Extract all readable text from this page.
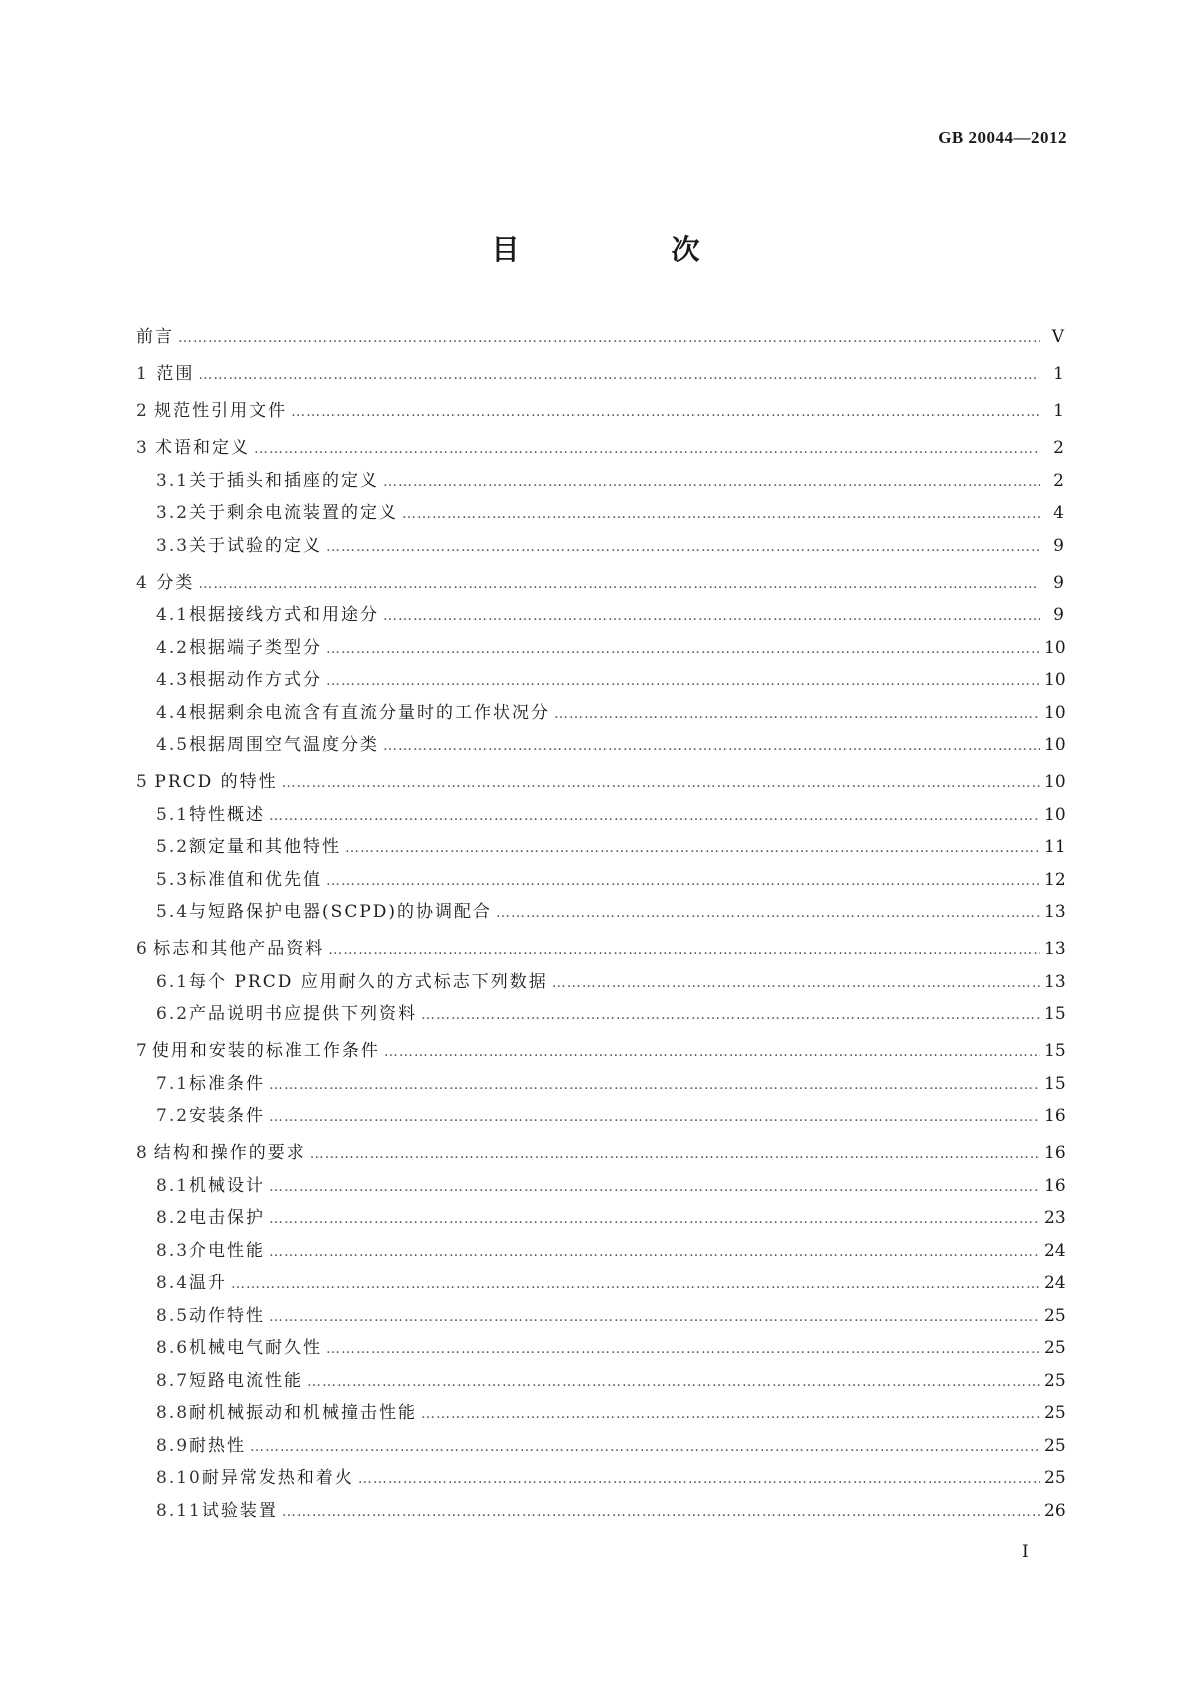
GB 20044—2012
目　次
前言 …………………………………………………………………………………………………………………………………………………………………………………………………………………………………………	Ⅴ
1 范围 …………………………………………………………………………………………………………………………………………………………………………………………………………………………………………	1
2 规范性引用文件 …………………………………………………………………………………………………………………………………………………………………………………………………………………………………………	1
3 术语和定义 …………………………………………………………………………………………………………………………………………………………………………………………………………………………………………	2
3.1 关于插头和插座的定义 …………………………………………………………………………………………………………………………………………………………………………………………………………………………………………	2
3.2 关于剩余电流装置的定义 …………………………………………………………………………………………………………………………………………………………………………………………………………………………………………	4
3.3 关于试验的定义 …………………………………………………………………………………………………………………………………………………………………………………………………………………………………………	9
4 分类 …………………………………………………………………………………………………………………………………………………………………………………………………………………………………………	9
4.1 根据接线方式和用途分 …………………………………………………………………………………………………………………………………………………………………………………………………………………………………………	9
4.2 根据端子类型分 …………………………………………………………………………………………………………………………………………………………………………………………………………………………………………	10
4.3 根据动作方式分 …………………………………………………………………………………………………………………………………………………………………………………………………………………………………………	10
4.4 根据剩余电流含有直流分量时的工作状况分 …………………………………………………………………………………………………………………………………………………………………………………………………………………………………………	10
4.5 根据周围空气温度分类 …………………………………………………………………………………………………………………………………………………………………………………………………………………………………………	10
5 PRCD 的特性 …………………………………………………………………………………………………………………………………………………………………………………………………………………………………………	10
5.1 特性概述 …………………………………………………………………………………………………………………………………………………………………………………………………………………………………………	10
5.2 额定量和其他特性 …………………………………………………………………………………………………………………………………………………………………………………………………………………………………………	11
5.3 标准值和优先值 …………………………………………………………………………………………………………………………………………………………………………………………………………………………………………	12
5.4 与短路保护电器(SCPD)的协调配合 …………………………………………………………………………………………………………………………………………………………………………………………………………………………………………	13
6 标志和其他产品资料 …………………………………………………………………………………………………………………………………………………………………………………………………………………………………………	13
6.1 每个 PRCD 应用耐久的方式标志下列数据 …………………………………………………………………………………………………………………………………………………………………………………………………………………………………………	13
6.2 产品说明书应提供下列资料 …………………………………………………………………………………………………………………………………………………………………………………………………………………………………………	15
7 使用和安装的标准工作条件 …………………………………………………………………………………………………………………………………………………………………………………………………………………………………………	15
7.1 标准条件 …………………………………………………………………………………………………………………………………………………………………………………………………………………………………………	15
7.2 安装条件 …………………………………………………………………………………………………………………………………………………………………………………………………………………………………………	16
8 结构和操作的要求 …………………………………………………………………………………………………………………………………………………………………………………………………………………………………………	16
8.1 机械设计 …………………………………………………………………………………………………………………………………………………………………………………………………………………………………………	16
8.2 电击保护 …………………………………………………………………………………………………………………………………………………………………………………………………………………………………………	23
8.3 介电性能 …………………………………………………………………………………………………………………………………………………………………………………………………………………………………………	24
8.4 温升 …………………………………………………………………………………………………………………………………………………………………………………………………………………………………………	24
8.5 动作特性 …………………………………………………………………………………………………………………………………………………………………………………………………………………………………………	25
8.6 机械电气耐久性 …………………………………………………………………………………………………………………………………………………………………………………………………………………………………………	25
8.7 短路电流性能 …………………………………………………………………………………………………………………………………………………………………………………………………………………………………………	25
8.8 耐机械振动和机械撞击性能 …………………………………………………………………………………………………………………………………………………………………………………………………………………………………………	25
8.9 耐热性 …………………………………………………………………………………………………………………………………………………………………………………………………………………………………………	25
8.10 耐异常发热和着火 …………………………………………………………………………………………………………………………………………………………………………………………………………………………………………	25
8.11 试验装置 …………………………………………………………………………………………………………………………………………………………………………………………………………………………………………	26
Ⅰ
